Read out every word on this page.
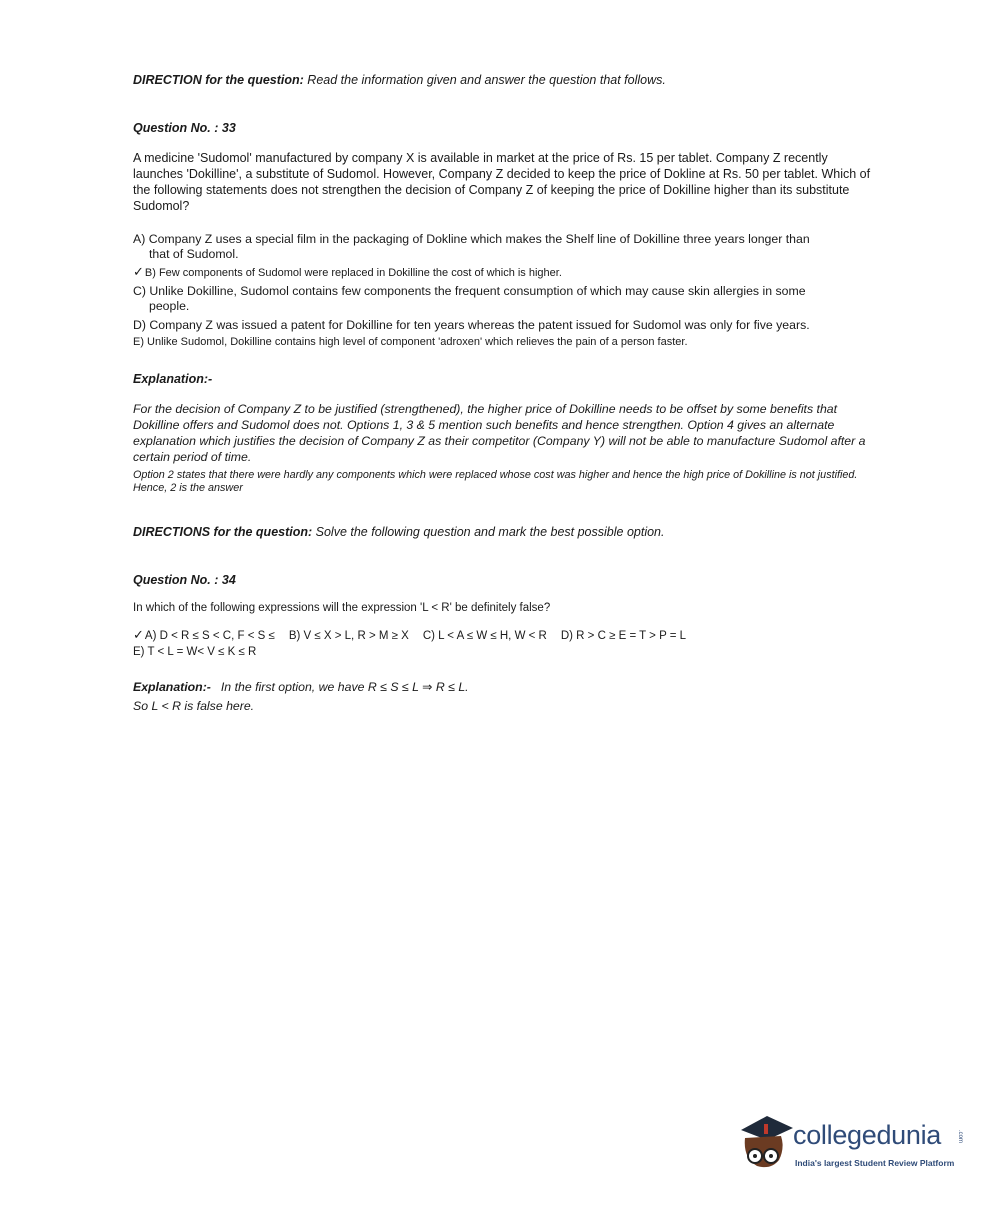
DIRECTION for the question: Read the information given and answer the question that follows.
Question No. : 33
A medicine 'Sudomol' manufactured by company X is available in market at the price of Rs. 15 per tablet. Company Z recently launches 'Dokilline', a substitute of Sudomol. However, Company Z decided to keep the price of Dokline at Rs. 50 per tablet. Which of the following statements does not strengthen the decision of Company Z of keeping the price of Dokilline higher than its substitute Sudomol?
A) Company Z uses a special film in the packaging of Dokline which makes the Shelf line of Dokilline three years longer than
that of Sudomol.
✓B) Few components of Sudomol were replaced in Dokilline the cost of which is higher.
C) Unlike Dokilline, Sudomol contains few components the frequent consumption of which may cause skin allergies in some
people.
D) Company Z was issued a patent for Dokilline for ten years whereas the patent issued for Sudomol was only for five years.
E) Unlike Sudomol, Dokilline contains high level of component 'adroxen' which relieves the pain of a person faster.
Explanation:-
For the decision of Company Z to be justified (strengthened), the higher price of Dokilline needs to be offset by some benefits that Dokilline offers and Sudomol does not. Options 1, 3 & 5 mention such benefits and hence strengthen. Option 4 gives an alternate explanation which justifies the decision of Company Z as their competitor (Company Y) will not be able to manufacture Sudomol after a certain period of time.
Option 2 states that there were hardly any components which were replaced whose cost was higher and hence the high price of Dokilline is not justified. Hence, 2 is the answer
DIRECTIONS for the question: Solve the following question and mark the best possible option.
Question No. : 34
In which of the following expressions will the expression 'L < R' be definitely false?
✓A) D < R ≤ S < C, F < S ≤ B) V ≤ X > L, R > M ≥ X C) L < A ≤ W ≤ H, W < R D) R > C ≥ E = T > P = L
E) T < L = W< V ≤ K ≤ R
Explanation:- In the first option, we have R ≤ S ≤ L ⇒ R ≤ L.
So L < R is false here.
collegedunia	.com
India's largest Student Review Platform
